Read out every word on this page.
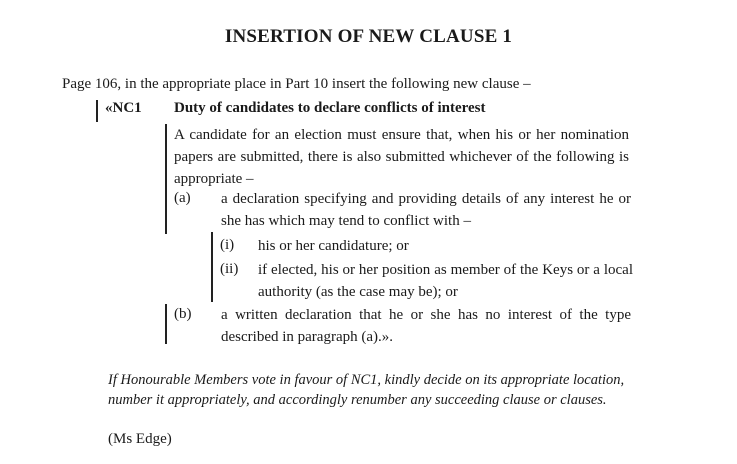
INSERTION OF NEW CLAUSE 1
Page 106, in the appropriate place in Part 10 insert the following new clause –
«NC1 Duty of candidates to declare conflicts of interest
A candidate for an election must ensure that, when his or her nomination papers are submitted, there is also submitted whichever of the following is appropriate –
(a) a declaration specifying and providing details of any interest he or she has which may tend to conflict with –
(i) his or her candidature; or
(ii) if elected, his or her position as member of the Keys or a local authority (as the case may be); or
(b) a written declaration that he or she has no interest of the type described in paragraph (a).».
If Honourable Members vote in favour of NC1, kindly decide on its appropriate location,
number it appropriately, and accordingly renumber any succeeding clause or clauses.
(Ms Edge)
